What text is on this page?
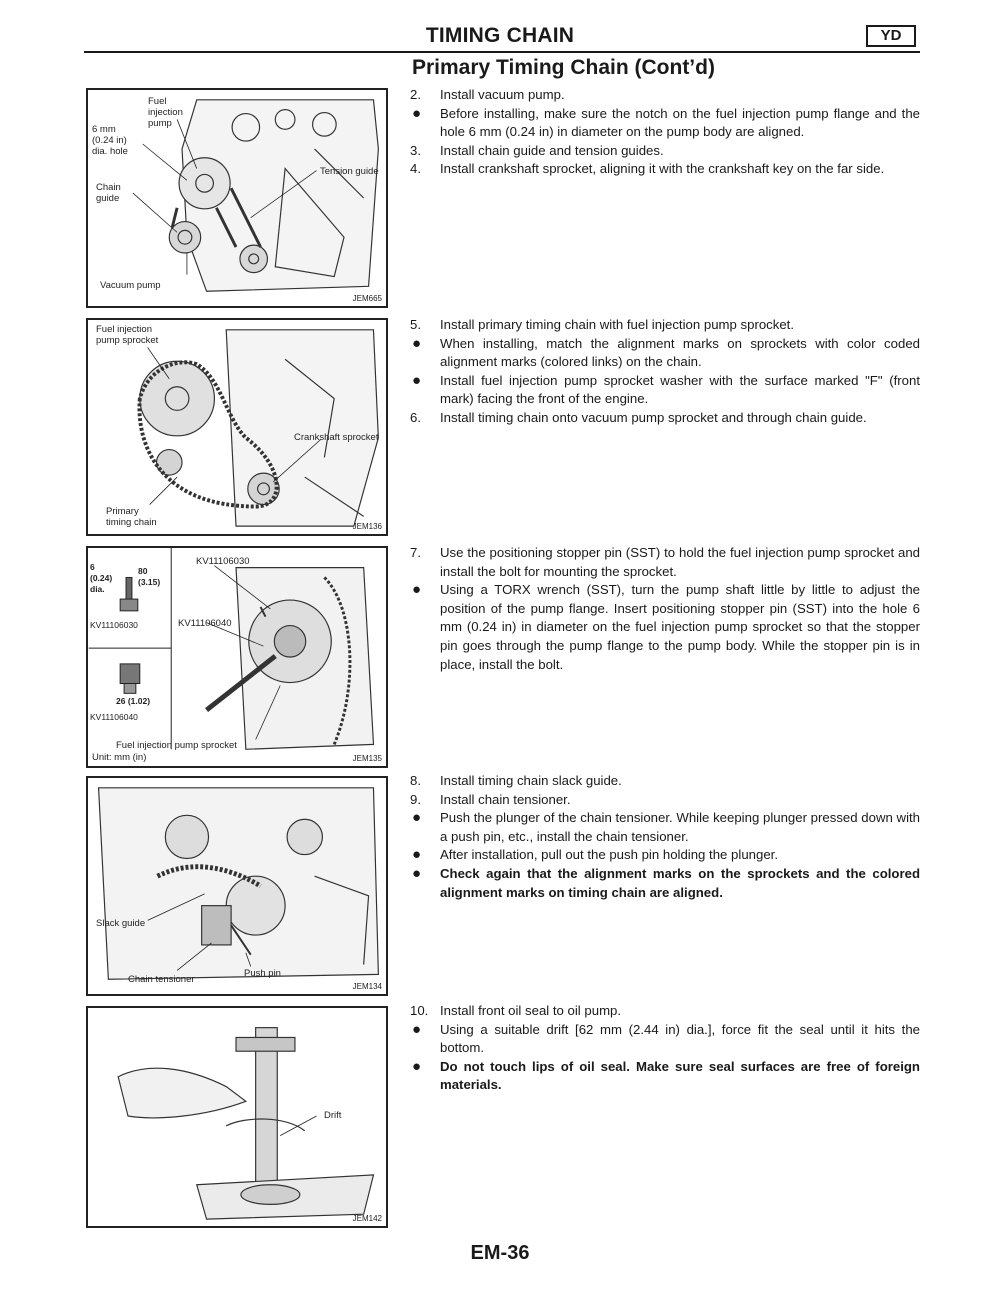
TIMING CHAIN	YD
Primary Timing Chain (Cont’d)
Fuel
injection
pump
6 mm
(0.24 in)
dia. hole
Chain
guide
Tension guide
Vacuum pump
JEM665
2.	Install vacuum pump.
●	Before installing, make sure the notch on the fuel injection pump flange and the hole 6 mm (0.24 in) in diameter on the pump body are aligned.
3.	Install chain guide and tension guides.
4.	Install crankshaft sprocket, aligning it with the crankshaft key on the far side.
Fuel injection
pump sprocket
Crankshaft sprocket
Primary
timing chain	JEM136
5.	Install primary timing chain with fuel injection pump sprocket.
●	When installing, match the alignment marks on sprockets with color coded alignment marks (colored links) on the chain.
●	Install fuel injection pump sprocket washer with the surface marked "F" (front mark) facing the front of the engine.
6.	Install timing chain onto vacuum pump sprocket and through chain guide.
KV11106030
KV11106040
KV11106030
KV11106040
6
(0.24)
dia.
80
(3.15)
26 (1.02)
Fuel injection pump sprocket
Unit: mm (in)	JEM135
7.	Use the positioning stopper pin (SST) to hold the fuel injection pump sprocket and install the bolt for mounting the sprocket.
●	Using a TORX wrench (SST), turn the pump shaft little by little to adjust the position of the pump flange. Insert positioning stopper pin (SST) into the hole 6 mm (0.24 in) in diameter on the fuel injection pump sprocket so that the stopper pin goes through the pump flange to the pump body. While the stopper pin is in place, install the bolt.
Slack guide
Chain tensioner
Push pin
JEM134
8.	Install timing chain slack guide.
9.	Install chain tensioner.
●	Push the plunger of the chain tensioner. While keeping plunger pressed down with a push pin, etc., install the chain tensioner.
●	After installation, pull out the push pin holding the plunger.
●	Check again that the alignment marks on the sprockets and the colored alignment marks on timing chain are aligned.
Drift
JEM142
10. Install front oil seal to oil pump.
●	Using a suitable drift [62 mm (2.44 in) dia.], force fit the seal until it hits the bottom.
●	Do not touch lips of oil seal. Make sure seal surfaces are free of foreign materials.
EM-36
